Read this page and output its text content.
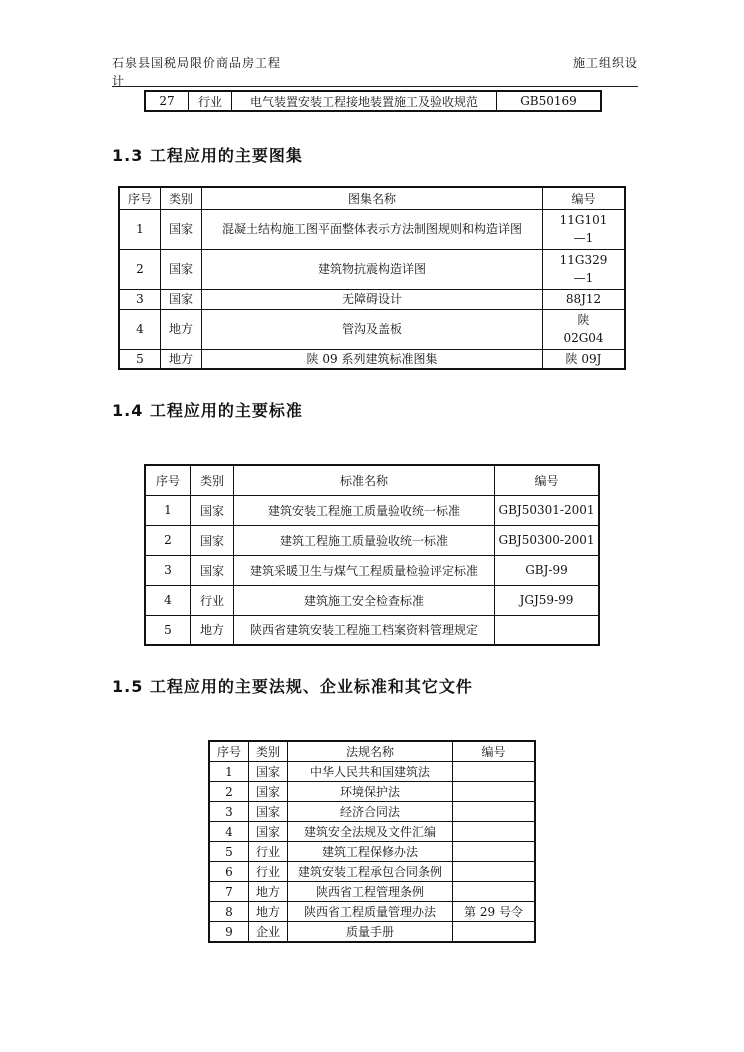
石泉县国税局限价商品房工程	施工组织设
计
27	行业	电气装置安装工程接地装置施工及验收规范	GB50169
1.3 工程应用的主要图集
序号	类别	图集名称	编号
1	国家	混凝土结构施工图平面整体表示方法制图规则和构造详图	11G101
—1
2	国家	建筑物抗震构造详图	11G329
—1
3	国家	无障碍设计	88J12
4	地方	管沟及盖板	陕
02G04
5	地方	陕 09 系列建筑标准图集	陕 09J
1.4 工程应用的主要标准
序号	类别	标准名称	编号
1	国家	建筑安装工程施工质量验收统一标准	GBJ50301-2001
2	国家	建筑工程施工质量验收统一标准	GBJ50300-2001
3	国家	建筑采暖卫生与煤气工程质量检验评定标准	GBJ-99
4	行业	建筑施工安全检查标准	JGJ59-99
5	地方	陕西省建筑安装工程施工档案资料管理规定	
1.5 工程应用的主要法规、企业标准和其它文件
序号	类别	法规名称	编号
1	国家	中华人民共和国建筑法	
2	国家	环境保护法	
3	国家	经济合同法	
4	国家	建筑安全法规及文件汇编	
5	行业	建筑工程保修办法	
6	行业	建筑安装工程承包合同条例	
7	地方	陕西省工程管理条例	
8	地方	陕西省工程质量管理办法	第 29 号令
9	企业	质量手册	
